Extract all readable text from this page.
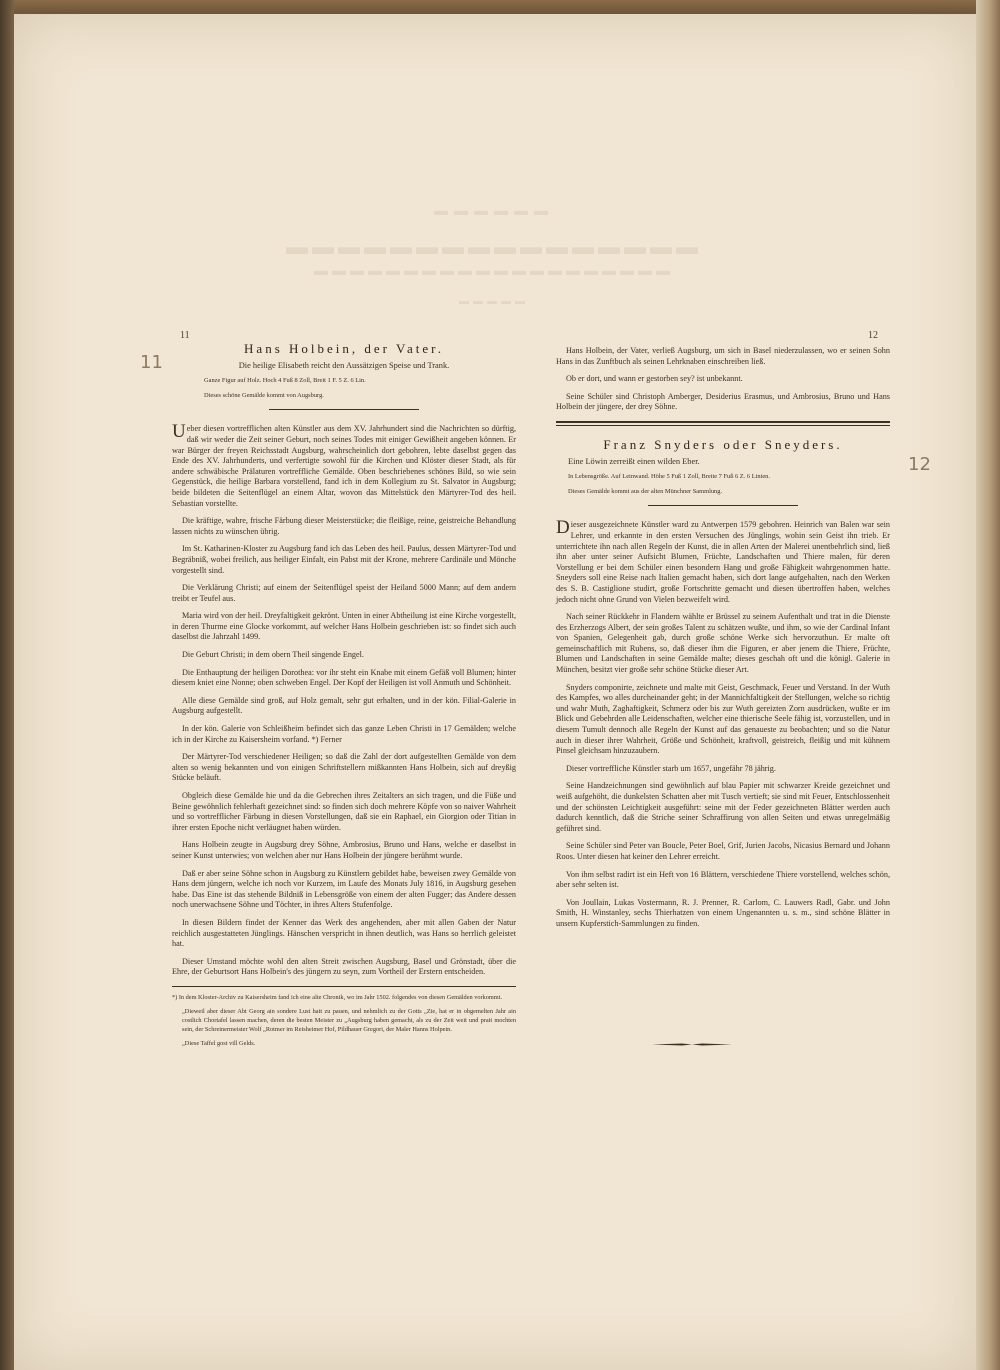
▬▬▬▬▬▬
▬▬▬▬▬▬▬▬▬▬▬▬▬▬▬▬
▬▬▬▬▬▬▬▬▬▬▬▬▬▬▬▬▬▬▬▬
▬▬▬▬▬
11	12
11
12
Hans Holbein, der Vater.
Die heilige Elisabeth reicht den Aussätzigen Speise und Trank.
Ganze Figur auf Holz. Hoch 4 Fuß 8 Zoll, Breit 1 F. 5 Z. 6 Lin.
Dieses schöne Gemälde kommt von Augsburg.

Ueber diesen vortrefflichen alten Künstler aus dem XV. Jahrhundert sind die Nachrichten so dürftig, daß wir weder die Zeit seiner Geburt, noch seines Todes mit einiger Gewißheit angeben können. Er war Bürger der freyen Reichsstadt Augsburg, wahrscheinlich dort gebohren, lebte daselbst gegen das Ende des XV. Jahrhunderts, und verfertigte sowohl für die Kirchen und Klöster dieser Stadt, als für andere schwäbische Prälaturen vortreffliche Gemälde. Oben beschriebenes schönes Bild, so wie sein Gegenstück, die heilige Barbara vorstellend, fand ich in dem Kollegium zu St. Salvator in Augsburg; beide bildeten die Seitenflügel an einem Altar, wovon das Mittelstück den Märtyrer-Tod des heil. Sebastian vorstellte.

Die kräftige, wahre, frische Färbung dieser Meisterstücke; die fleißige, reine, geistreiche Behandlung lassen nichts zu wünschen übrig.

Im St. Katharinen-Kloster zu Augsburg fand ich das Leben des heil. Paulus, dessen Märtyrer-Tod und Begräbniß, wobei freilich, aus heiliger Einfalt, ein Pabst mit der Krone, mehrere Cardinäle und Mönche vorgestellt sind.

Die Verklärung Christi; auf einem der Seitenflügel speist der Heiland 5000 Mann; auf dem andern treibt er Teufel aus.

Maria wird von der heil. Dreyfaltigkeit gekrönt. Unten in einer Abtheilung ist eine Kirche vorgestellt, in deren Thurme eine Glocke vorkommt, auf welcher Hans Holbein geschrieben ist: so findet sich auch daselbst die Jahrzahl 1499.

Die Geburt Christi; in dem obern Theil singende Engel.

Die Enthauptung der heiligen Dorothea: vor ihr steht ein Knabe mit einem Gefäß voll Blumen; hinter diesem kniet eine Nonne; oben schweben Engel. Der Kopf der Heiligen ist voll Anmuth und Schönheit.

Alle diese Gemälde sind groß, auf Holz gemalt, sehr gut erhalten, und in der kön. Filial-Galerie in Augsburg aufgestellt.

In der kön. Galerie von Schleißheim befindet sich das ganze Leben Christi in 17 Gemälden; welche ich in der Kirche zu Kaisersheim vorfand. *) Ferner

Der Märtyrer-Tod verschiedener Heiligen; so daß die Zahl der dort aufgestellten Gemälde von dem alten so wenig bekannten und von einigen Schriftstellern mißkannten Hans Holbein, sich auf dreyßig Stücke beläuft.

Obgleich diese Gemälde hie und da die Gebrechen ihres Zeitalters an sich tragen, und die Füße und Beine gewöhnlich fehlerhaft gezeichnet sind: so finden sich doch mehrere Köpfe von so naiver Wahrheit und so vortrefflicher Färbung in diesen Vorstellungen, daß sie ein Raphael, ein Giorgion oder Titian in ihrer ersten Epoche nicht verläugnet haben würden.

Hans Holbein zeugte in Augsburg drey Söhne, Ambrosius, Bruno und Hans, welche er daselbst in seiner Kunst unterwies; von welchen aber nur Hans Holbein der jüngere berühmt wurde.

Daß er aber seine Söhne schon in Augsburg zu Künstlern gebildet habe, beweisen zwey Gemälde von Hans dem jüngern, welche ich noch vor Kurzem, im Laufe des Monats July 1816, in Augsburg gesehen habe. Das Eine ist das stehende Bildniß in Lebensgröße von einem der alten Fugger; das Andere dessen noch unerwachsene Söhne und Töchter, in ihres Alters Stufenfolge.

In diesen Bildern findet der Kenner das Werk des angehenden, aber mit allen Gaben der Natur reichlich ausgestatteten Jünglings. Hänschen verspricht in ihnen deutlich, was Hans so herrlich geleistet hat.

Dieser Umstand möchte wohl den alten Streit zwischen Augsburg, Basel und Grönstadt, über die Ehre, der Geburtsort Hans Holbein's des jüngern zu seyn, zum Vortheil der Erstern entscheiden.

*) In dem Kloster-Archiv zu Kaisersheim fand ich eine alte Chronik, wo im Jahr 1502. folgendes von diesen Gemälden vorkommt.

„Dieweil aber dieser Abt Georg ain sondere Lust hatt zu pauen, und nehmlich zu der Gotts „Zie, hat er in obgemelten Jahr ain costlich Chortafel lassen machen, deren die besten Meister zu „Augsburg haben gemacht, als zu der Zeit weit und prait mochten sein, der Schreinermeister Wolf „Rotmer im Reisheimer Hof, Pildhauer Gregori, der Maler Hanns Holpein.

„Diese Taffel gost vill Gelds.

Hans Holbein, der Vater, verließ Augsburg, um sich in Basel niederzulassen, wo er seinen Sohn Hans in das Zunftbuch als seinen Lehrknaben einschreiben ließ.

Ob er dort, und wann er gestorben sey? ist unbekannt.

Seine Schüler sind Christoph Amberger, Desiderius Erasmus, und Ambrosius, Bruno und Hans Holbein der jüngere, der drey Söhne.

Franz Snyders oder Sneyders.
Eine Löwin zerreißt einen wilden Eber.
In Lebensgröße. Auf Leinwand. Höhe 5 Fuß 1 Zoll, Breite 7 Fuß 6 Z. 6 Linien.
Dieses Gemälde kommt aus der alten Münchner Sammlung.

Dieser ausgezeichnete Künstler ward zu Antwerpen 1579 gebohren. Heinrich van Balen war sein Lehrer, und erkannte in den ersten Versuchen des Jünglings, wohin sein Geist ihn trieb. Er unterrichtete ihn nach allen Regeln der Kunst, die in allen Arten der Malerei unentbehrlich sind, ließ ihn aber unter seiner Aufsicht Blumen, Früchte, Landschaften und Thiere malen, für deren Vorstellung er bei dem Schüler einen besondern Hang und große Fähigkeit wahrgenommen hatte. Sneyders soll eine Reise nach Italien gemacht haben, sich dort lange aufgehalten, nach den Werken des S. B. Castiglione studirt, große Fortschritte gemacht und diesen übertroffen haben, welches jedoch nicht ohne Grund von Vielen bezweifelt wird.

Nach seiner Rückkehr in Flandern wählte er Brüssel zu seinem Aufenthalt und trat in die Dienste des Erzherzogs Albert, der sein großes Talent zu schätzen wußte, und ihm, so wie der Cardinal Infant von Spanien, Gelegenheit gab, durch große schöne Werke sich hervorzuthun. Er malte oft gemeinschaftlich mit Rubens, so, daß dieser ihm die Figuren, er aber jenem die Thiere, Früchte, Blumen und Landschaften in seine Gemälde malte; dieses geschah oft und die königl. Galerie in München, besitzt vier große sehr schöne Stücke dieser Art.

Snyders componirte, zeichnete und malte mit Geist, Geschmack, Feuer und Verstand. In der Wuth des Kampfes, wo alles durcheinander geht; in der Mannichfaltigkeit der Stellungen, welche so richtig und wahr Muth, Zaghaftigkeit, Schmerz oder bis zur Wuth gereizten Zorn ausdrücken, wußte er im Blick und Gebehrden alle Leidenschaften, welcher eine thierische Seele fähig ist, vorzustellen, und in diesem Tumult dennoch alle Regeln der Kunst auf das genaueste zu beobachten; und so die Natur auch in dieser ihrer Wahrheit, Größe und Schönheit, kraftvoll, geistreich, fleißig und mit kühnem Pinsel gleichsam hinzuzaubern.

Dieser vortreffliche Künstler starb um 1657, ungefähr 78 jährig.

Seine Handzeichnungen sind gewöhnlich auf blau Papier mit schwarzer Kreide gezeichnet und weiß aufgehöht, die dunkelsten Schatten aber mit Tusch vertieft; sie sind mit Feuer, Entschlossenheit und der schönsten Leichtigkeit ausgeführt: seine mit der Feder gezeichneten Blätter werden auch dadurch kenntlich, daß die Striche seiner Schraffirung von allen Seiten und etwas unregelmäßig geführet sind.

Seine Schüler sind Peter van Boucle, Peter Boel, Grif, Jurien Jacobs, Nicasius Bernard und Johann Roos. Unter diesen hat keiner den Lehrer erreicht.

Von ihm selbst radirt ist ein Heft von 16 Blättern, verschiedene Thiere vorstellend, welches schön, aber sehr selten ist.

Von Joullain, Lukas Vostermann, R. J. Prenner, R. Carlom, C. Lauwers Radl, Gabr. und John Smith, H. Winstanley, sechs Thierhatzen von einem Ungenannten u. s. m., sind schöne Blätter in unsern Kupferstich-Sammlungen zu finden.
